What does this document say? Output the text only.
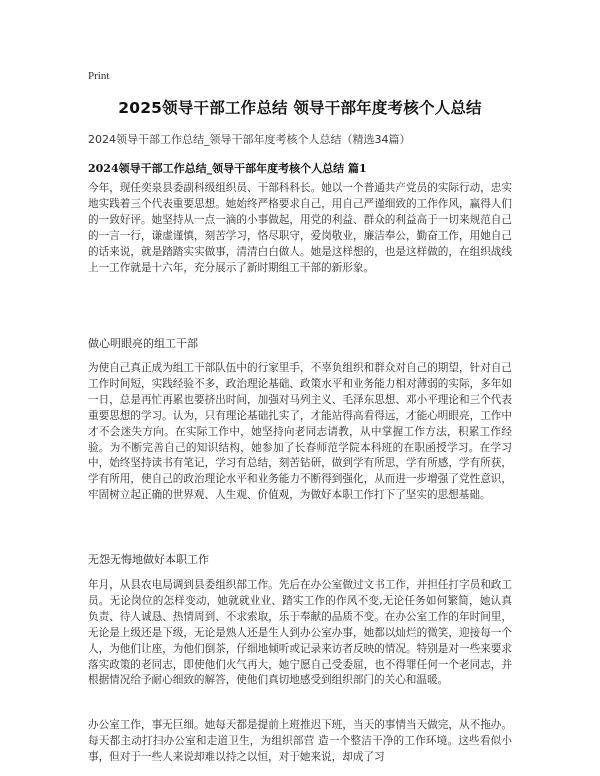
Print
2025领导干部工作总结 领导干部年度考核个人总结
2024领导干部工作总结_领导干部年度考核个人总结（精选34篇）
2024领导干部工作总结_领导干部年度考核个人总结 篇1
今年，现任奕泉县委副科级组织员、干部科科长。她以一个普通共产党员的实际行动，忠实地实践着三个代表重要思想。她始终严格要求自己，用自己严谨细致的工作作风，赢得人们的一致好评。她坚持从一点一滴的小事做起，用党的利益、群众的利益高于一切来规范自己的一言一行，谦虚谨慎，刻苦学习，恪尽职守，爱岗敬业，廉洁奉公，勤奋工作，用她自己的话来说，就是踏踏实实做事，清清白白做人。她是这样想的，也是这样做的，在组织战线上一工作就是十六年，充分展示了新时期组工干部的新形象。
做心明眼亮的组工干部
为使自己真正成为组工干部队伍中的行家里手，不辜负组织和群众对自己的期望，针对自己工作时间短，实践经验不多，政治理论基础、政策水平和业务能力相对薄弱的实际，多年如一日，总是再忙再累也要挤出时间，加强对马列主义、毛泽东思想、邓小平理论和三个代表重要思想的学习。认为，只有理论基础扎实了，才能站得高看得远，才能心明眼亮，工作中才不会迷失方向。在实际工作中，她坚持向老同志请教，从中掌握工作方法，积累工作经验。为不断完善自己的知识结构，她参加了长春师范学院本科班的在职函授学习。在学习中，始终坚持读书有笔记，学习有总结，刻苦钻研，做到学有所思，学有所感，学有所获，学有所用，使自己的政治理论水平和业务能力不断得到强化，从而进一步增强了党性意识，牢固树立起正确的世界观、人生观、价值观，为做好本职工作打下了坚实的思想基础。
无怨无悔地做好本职工作
年月，从县农电局调到县委组织部工作。先后在办公室做过文书工作，并担任打字员和政工员。无论岗位的怎样变动，她就就业业、踏实工作的作风不变,无论任务如何繁简，她认真负责、待人诚恳、热情周到、不求索取，乐于奉献的品质不变。在办公室工作的年时间里，无论是上级还是下级，无论是熟人还是生人到办公室办事，她都以灿烂的微笑，迎接每一个人，为他们让座，为他们倒茶，仔细地倾听或记录来访者反映的情况。特别是对一些来要求落实政策的老同志，即使他们火气再大，她宁愿自己受委屈，也不得罪任何一个老同志，并根据情况给予耐心细致的解答，使他们真切地感受到组织部门的关心和温暖。
办公室工作，事无巨细。她每天都是提前上班推迟下班，当天的事情当天做完，从不拖办。每天都主动打扫办公室和走道卫生，为组织部营 造一个整洁干净的工作环境。这些看似小事，但对于一些人来说却难以持之以恒，对于她来说，却成了习
